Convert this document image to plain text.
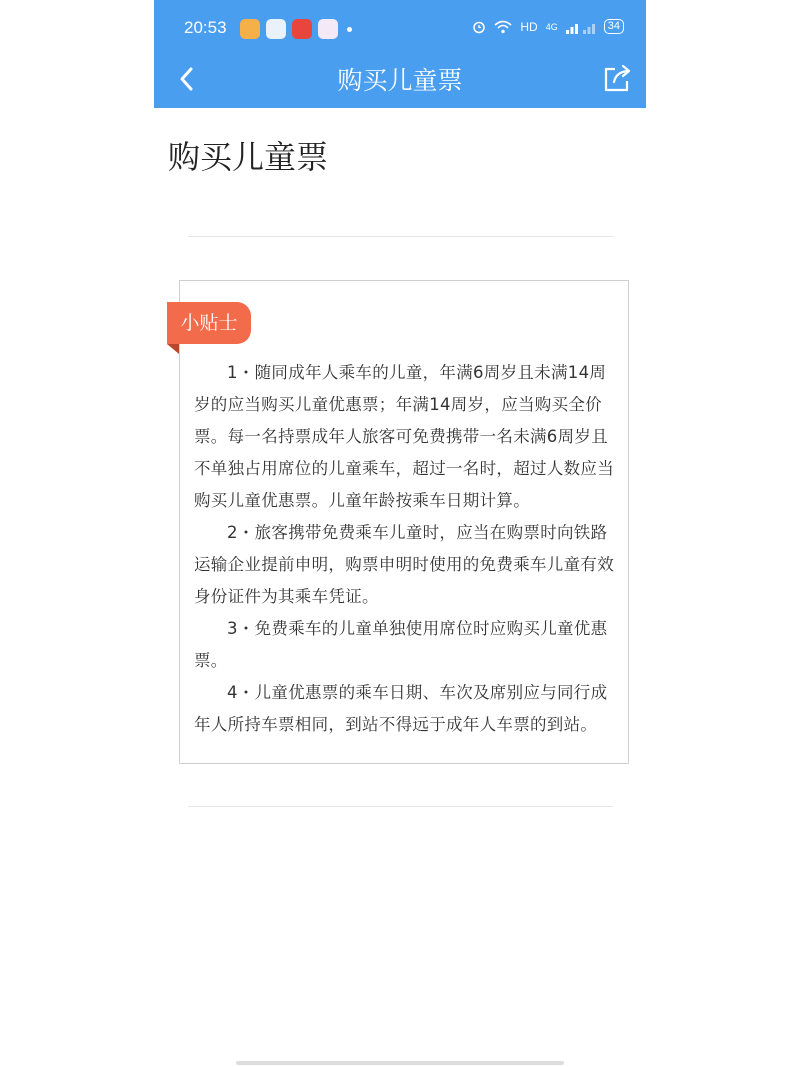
20:53	HD 4G	34
购买儿童票
购买儿童票
小贴士

1・随同成年人乘车的儿童，年满6周岁且未满14周岁的应当购买儿童优惠票；年满14周岁，应当购买全价票。每一名持票成年人旅客可免费携带一名未满6周岁且不单独占用席位的儿童乘车，超过一名时，超过人数应当购买儿童优惠票。儿童年龄按乘车日期计算。

2・旅客携带免费乘车儿童时，应当在购票时向铁路运输企业提前申明，购票申明时使用的免费乘车儿童有效身份证件为其乘车凭证。

3・免费乘车的儿童单独使用席位时应购买儿童优惠票。

4・儿童优惠票的乘车日期、车次及席别应与同行成年人所持车票相同，到站不得远于成年人车票的到站。
